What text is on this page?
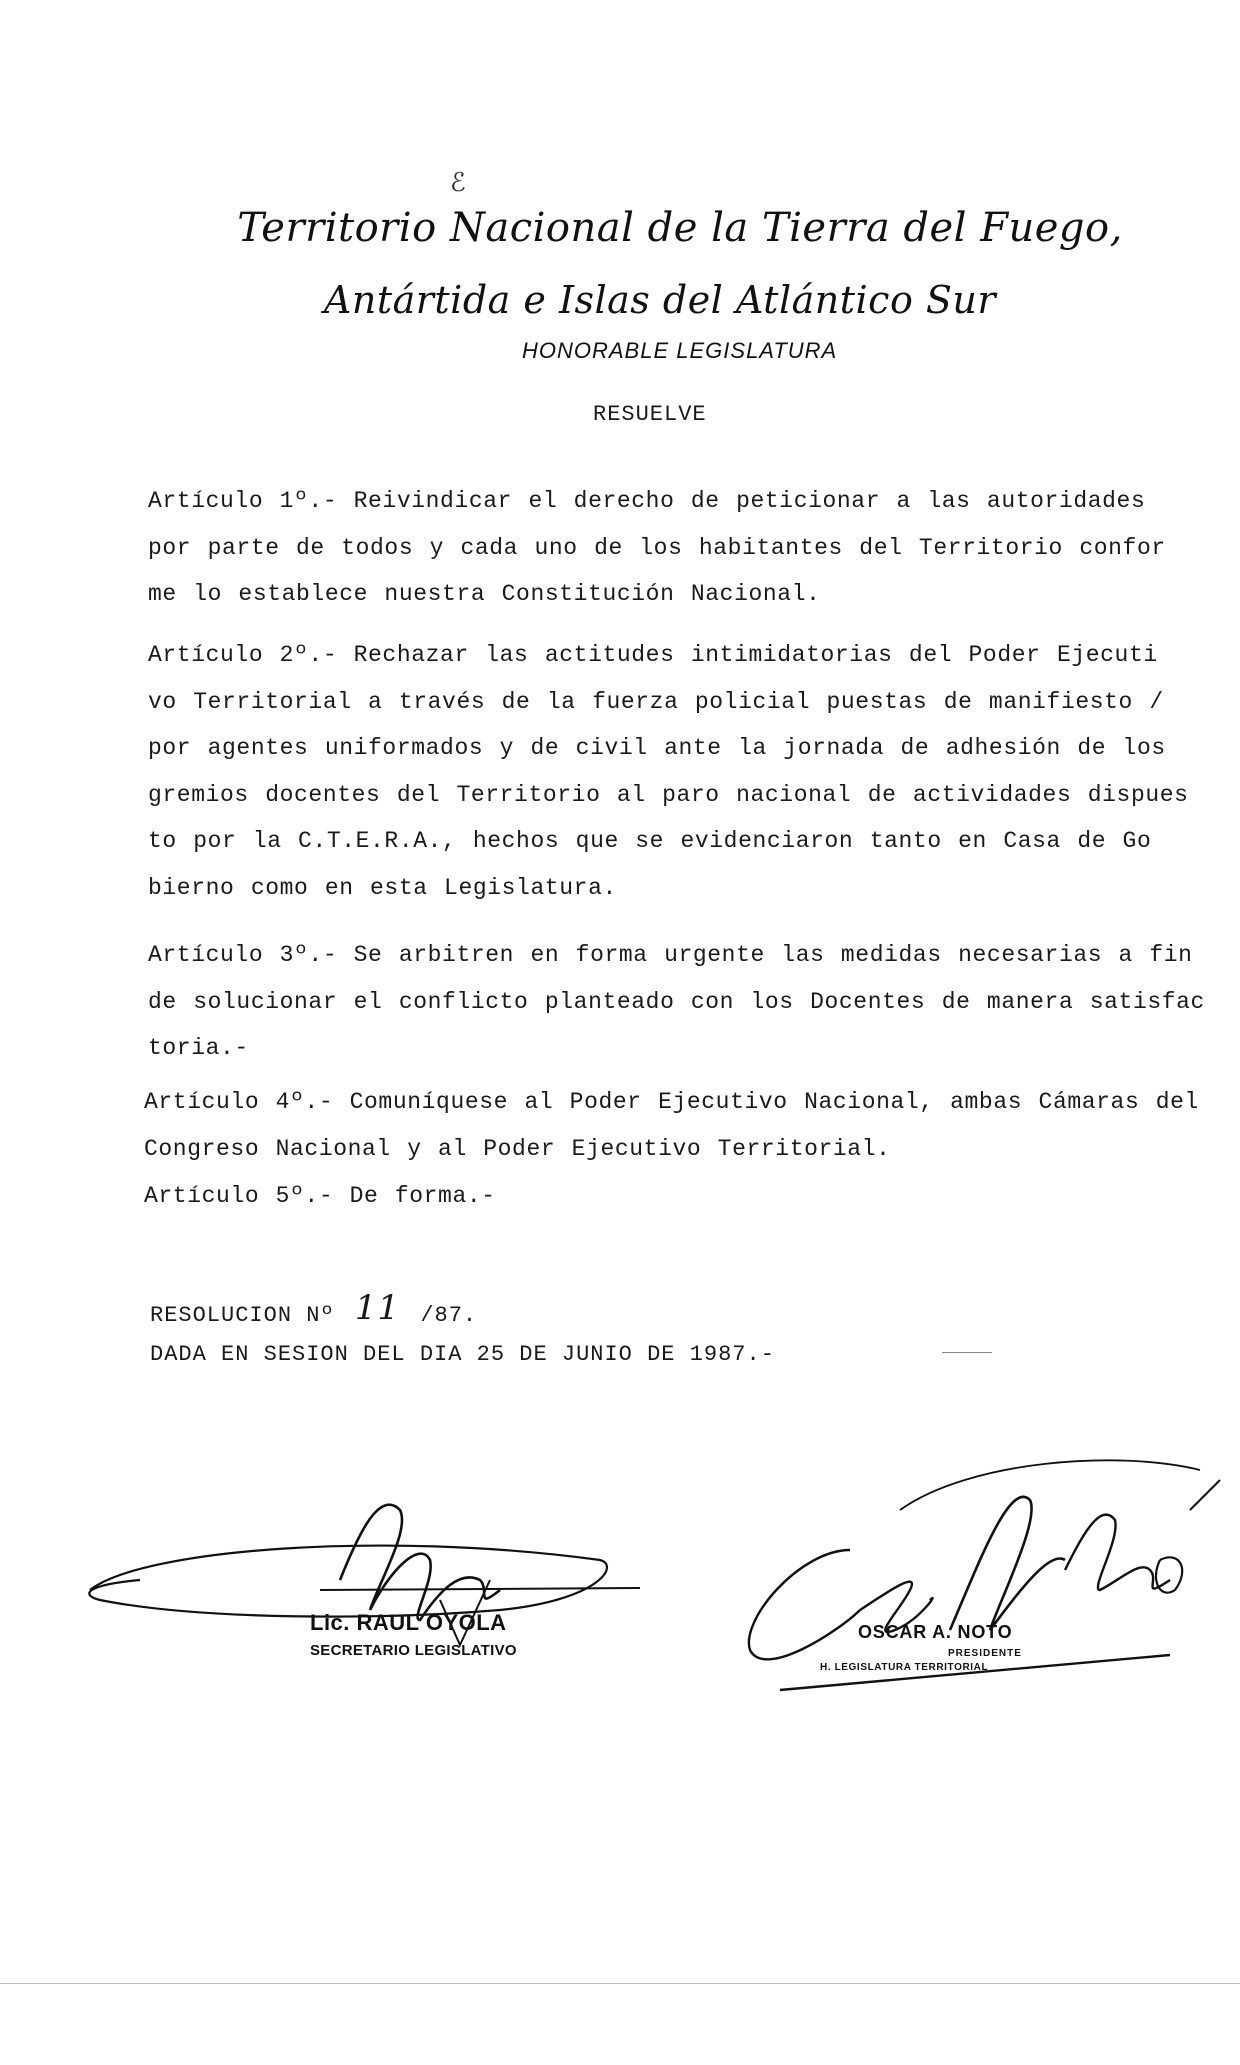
ℰ
Territorio Nacional de la Tierra del Fuego,
Antártida e Islas del Atlántico Sur
HONORABLE LEGISLATURA
RESUELVE
Artículo 1º.- Reivindicar el derecho de peticionar a las autoridades
por parte de todos y cada uno de los habitantes del Territorio confor
me lo establece nuestra Constitución Nacional.
Artículo 2º.- Rechazar las actitudes intimidatorias del Poder Ejecuti
vo Territorial a través de la fuerza policial puestas de manifiesto /
por agentes uniformados y de civil ante la jornada de adhesión de los
gremios docentes del Territorio al paro nacional de actividades dispues
to por la C.T.E.R.A., hechos que se evidenciaron tanto en Casa de Go
bierno como en esta Legislatura.
Artículo 3º.- Se arbitren en forma urgente las medidas necesarias a fin
de solucionar el conflicto planteado con los Docentes de manera satisfac
toria.-
Artículo 4º.- Comuníquese al Poder Ejecutivo Nacional, ambas Cámaras del
Congreso Nacional y al Poder Ejecutivo Territorial.
Artículo 5º.- De forma.-
RESOLUCION Nº 11 /87.
DADA EN SESION DEL DIA 25 DE JUNIO DE 1987.-
Lic. RAUL OYOLA
SECRETARIO LEGISLATIVO
OSCAR A. NOTO
PRESIDENTE
H. LEGISLATURA TERRITORIAL
